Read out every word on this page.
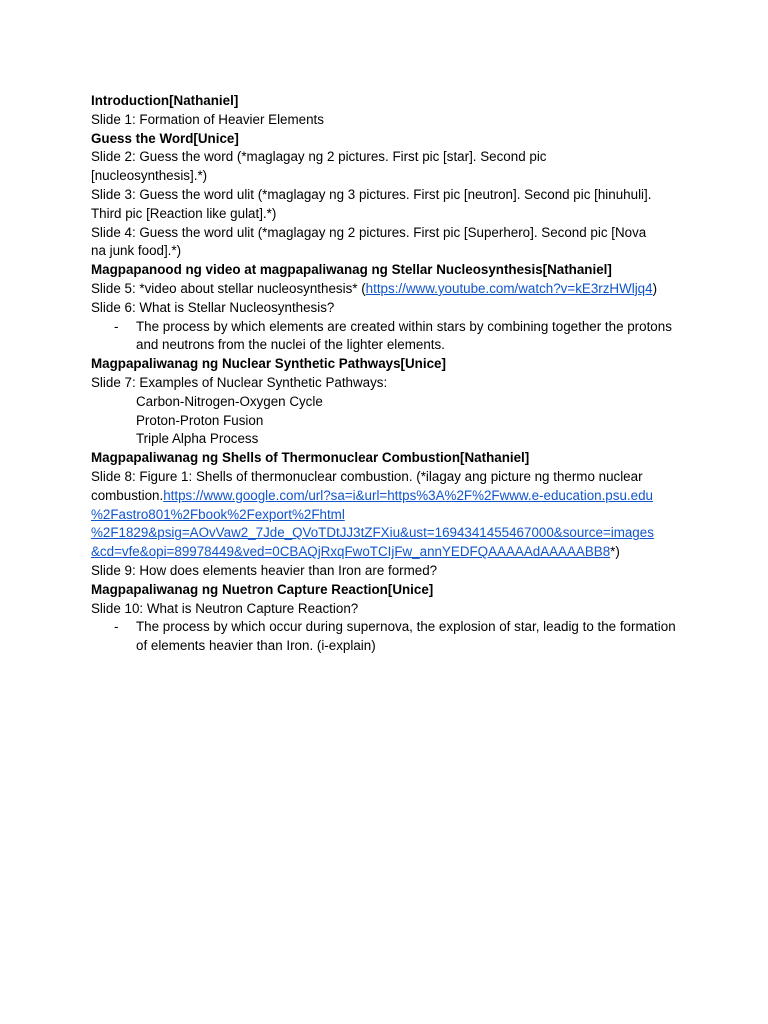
Introduction[Nathaniel]

Slide 1: Formation of Heavier Elements

Guess the Word[Unice]

Slide 2: Guess the word (*maglagay ng 2 pictures. First pic [star]. Second pic

[nucleosynthesis].*)

Slide 3: Guess the word ulit (*maglagay ng 3 pictures. First pic [neutron]. Second pic [hinuhuli].

Third pic [Reaction like gulat].*)

Slide 4: Guess the word ulit (*maglagay ng 2 pictures. First pic [Superhero]. Second pic [Nova

na junk food].*)

Magpapanood ng video at magpapaliwanag ng Stellar Nucleosynthesis[Nathaniel]

Slide 5: *video about stellar nucleosynthesis* (https://www.youtube.com/watch?v=kE3rzHWljq4)

Slide 6: What is Stellar Nucleosynthesis?

- The process by which elements are created within stars by combining together the protons and neutrons from the nuclei of the lighter elements.

Magpapaliwanag ng Nuclear Synthetic Pathways[Unice]

Slide 7: Examples of Nuclear Synthetic Pathways:

Carbon-Nitrogen-Oxygen Cycle

Proton-Proton Fusion

Triple Alpha Process

Magpapaliwanag ng Shells of Thermonuclear Combustion[Nathaniel]

Slide 8: Figure 1: Shells of thermonuclear combustion. (*ilagay ang picture ng thermo nuclear

combustion.https://www.google.com/url?sa=i&url=https%3A%2F%2Fwww.e-education.psu.edu

%2Fastro801%2Fbook%2Fexport%2Fhtml

%2F1829&psig=AOvVaw2_7Jde_QVoTDtJJ3tZFXiu&ust=1694341455467000&source=images

&cd=vfe&opi=89978449&ved=0CBAQjRxqFwoTCIjFw_annYEDFQAAAAAdAAAAABB8*)

Slide 9: How does elements heavier than Iron are formed?

Magpapaliwanag ng Nuetron Capture Reaction[Unice]

Slide 10: What is Neutron Capture Reaction?

- The process by which occur during supernova, the explosion of star, leadig to the formation of elements heavier than Iron. (i-explain)
